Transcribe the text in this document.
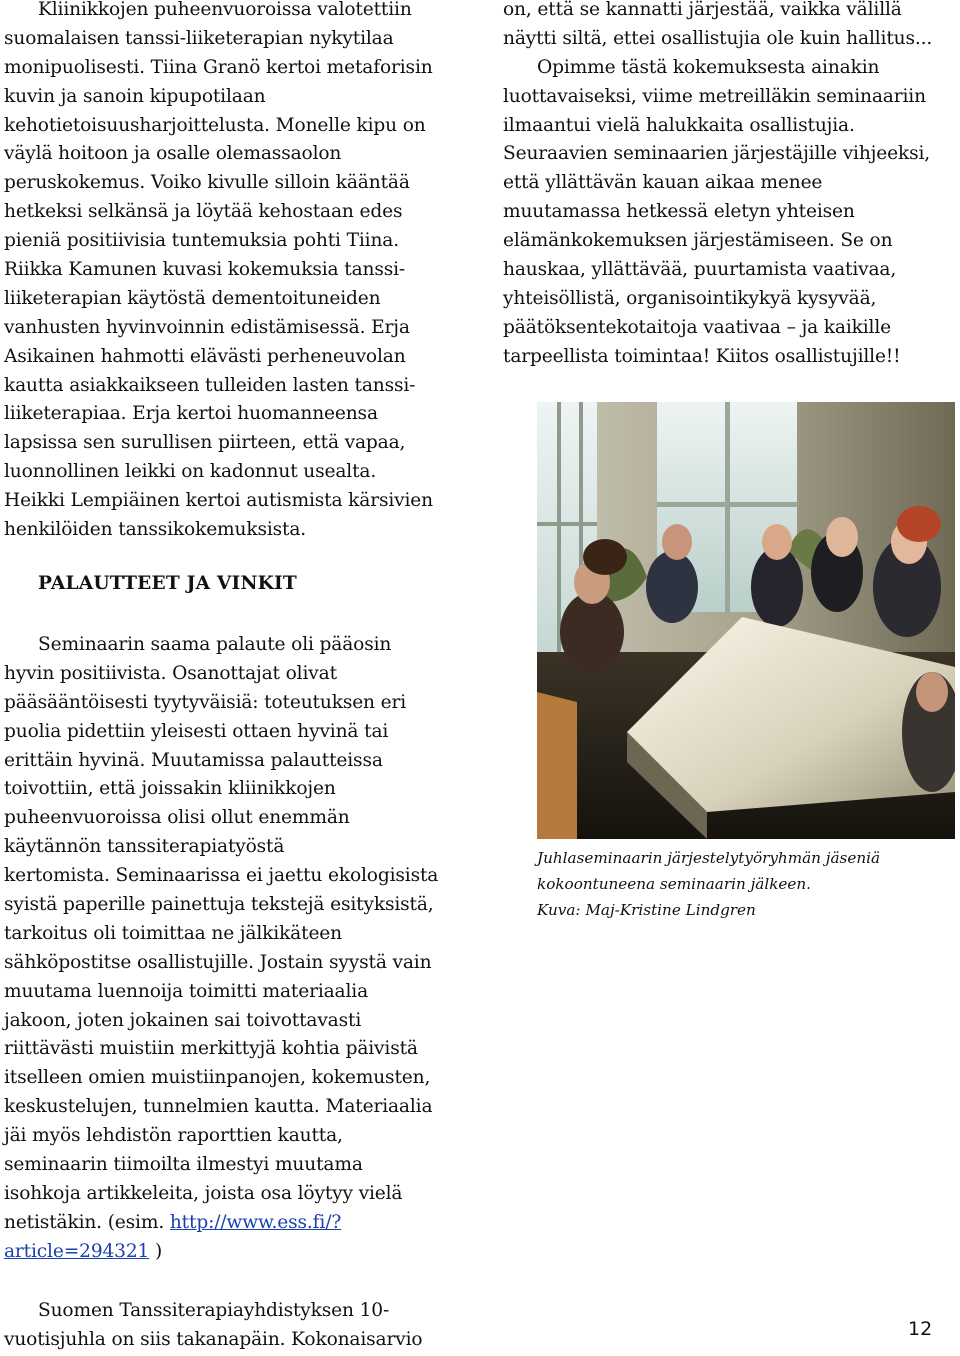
Kliinikkojen puheenvuoroissa valotettiin
suomalaisen tanssi-liiketerapian nykytilaa
monipuolisesti. Tiina Granö kertoi metaforisin
kuvin ja sanoin kipupotilaan
kehotietoisuusharjoittelusta. Monelle kipu on
väylä hoitoon ja osalle olemassaolon
peruskokemus. Voiko kivulle silloin kääntää
hetkeksi selkänsä ja löytää kehostaan edes
pieniä positiivisia tuntemuksia pohti Tiina.
Riikka Kamunen kuvasi kokemuksia tanssi-
liiketerapian käytöstä dementoituneiden
vanhusten hyvinvoinnin edistämisessä. Erja
Asikainen hahmotti elävästi perheneuvolan
kautta asiakkaikseen tulleiden lasten tanssi-
liiketerapiaa. Erja kertoi huomanneensa
lapsissa sen surullisen piirteen, että vapaa,
luonnollinen leikki on kadonnut usealta.
Heikki Lempiäinen kertoi autismista kärsivien
henkilöiden tanssikokemuksista.
Seminaarin saama palaute oli pääosin
hyvin positiivista. Osanottajat olivat
pääsääntöisesti tyytyväisiä: toteutuksen eri
puolia pidettiin yleisesti ottaen hyvinä tai
erittäin hyvinä. Muutamissa palautteissa
toivottiin, että joissakin kliinikkojen
puheenvuoroissa olisi ollut enemmän
käytännön tanssiterapiatyöstä
kertomista. Seminaarissa ei jaettu ekologisista
syistä paperille painettuja tekstejä esityksistä,
tarkoitus oli toimittaa ne jälkikäteen
sähköpostitse osallistujille. Jostain syystä vain
muutama luennoija toimitti materiaalia
jakoon, joten jokainen sai toivottavasti
riittävästi muistiin merkittyjä kohtia päivistä
itselleen omien muistiinpanojen, kokemusten,
keskustelujen, tunnelmien kautta. Materiaalia
jäi myös lehdistön raporttien kautta,
seminaarin tiimoilta ilmestyi muutama
isohkoja artikkeleita, joista osa löytyy vielä
netistäkin. (esim. http://www.ess.fi/?
article=294321 )
Suomen Tanssiterapiayhdistyksen 10-
vuotisjuhla on siis takanapäin. Kokonaisarvio
PALAUTTEET JA VINKIT
on, että se kannatti järjestää, vaikka välillä
näytti siltä, ettei osallistujia ole kuin hallitus...
Opimme tästä kokemuksesta ainakin
luottavaiseksi, viime metreilläkin seminaariin
ilmaantui vielä halukkaita osallistujia.
Seuraavien seminaarien järjestäjille vihjeeksi,
että yllättävän kauan aikaa menee
muutamassa hetkessä eletyn yhteisen
elämänkokemuksen järjestämiseen. Se on
hauskaa, yllättävää, puurtamista vaativaa,
yhteisöllistä, organisointikykyä kysyvää,
päätöksentekotaitoja vaativaa – ja kaikille
tarpeellista toimintaa! Kiitos osallistujille!!
Juhlaseminaarin järjestelytyöryhmän jäseniä
kokoontuneena seminaarin jälkeen.
Kuva: Maj-Kristine Lindgren
12
